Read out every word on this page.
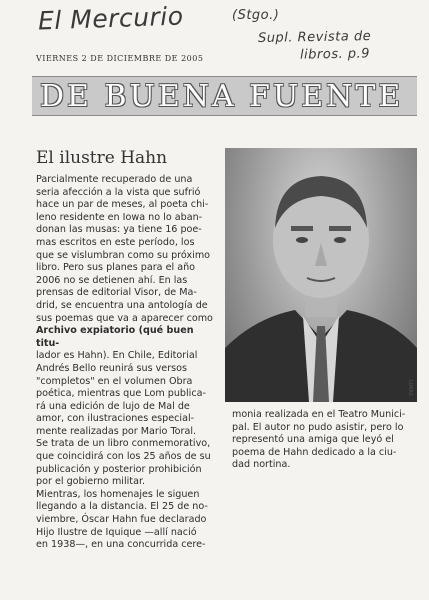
El Mercurio	(Stgo.)
Supl. Revista de
libros. p.9
VIERNES 2 DE DICIEMBRE DE 2005
DE BUENA FUENTE
El ilustre Hahn

Parcialmente recuperado de una

seria afección a la vista que sufrió

hace un par de meses, al poeta chi-

leno residente en Iowa no lo aban-

donan las musas: ya tiene 16 poe-

mas escritos en este período, los

que se vislumbran como su próximo

libro. Pero sus planes para el año

2006 no se detienen ahí. En las

prensas de editorial Visor, de Ma-

drid, se encuentra una antología de

sus poemas que va a aparecer como

Archivo expiatorio (qué buen titu-

lador es Hahn). En Chile, Editorial

Andrés Bello reunirá sus versos

"completos" en el volumen Obra

poética, mientras que Lom publica-

rá una edición de lujo de Mal de

amor, con ilustraciones especial-

mente realizadas por Mario Toral.

Se trata de un libro conmemorativo,

que coincidirá con los 25 años de su

publicación y posterior prohibición

por el gobierno militar.

Mientras, los homenajes le siguen

llegando a la distancia. El 25 de no-

viembre, Óscar Hahn fue declarado

Hijo Ilustre de Iquique —allí nació

en 1938—, en una concurrida cere-

LUKAS

monia realizada en el Teatro Munici-

pal. El autor no pudo asistir, pero lo

representó una amiga que leyó el

poema de Hahn dedicado a la ciu-

dad nortina.
